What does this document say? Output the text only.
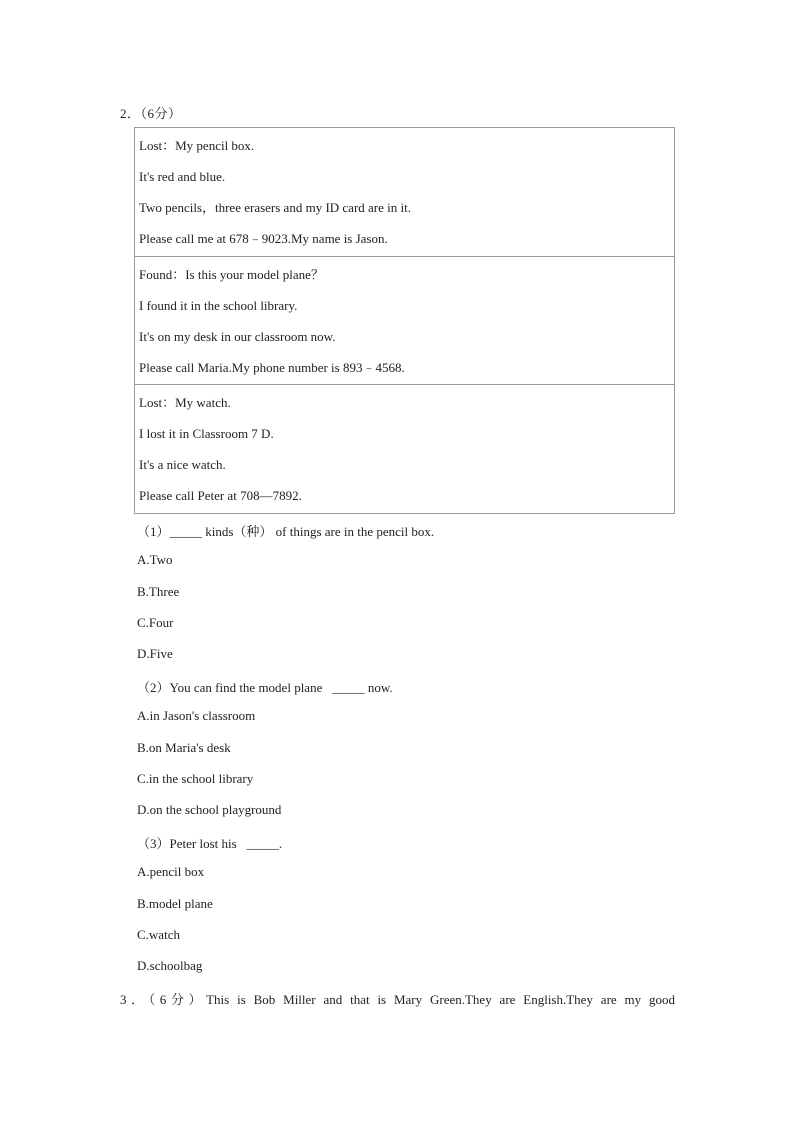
2．（6分）
Lost：My pencil box.
It's red and blue.
Two pencils，three erasers and my ID card are in it.
Please call me at 678﹣9023.My name is Jason.
Found：Is this your model plane？
I found it in the school library.
It's on my desk in our classroom now.
Please call Maria.My phone number is 893﹣4568.
Lost：My watch.
I lost it in Classroom 7 D.
It's a nice watch.
Please call Peter at 708—7892.
（1）_____ kinds（种） of things are in the pencil box.
A.Two
B.Three
C.Four
D.Five
（2）You can find the model plane   _____ now.
A.in Jason's classroom
B.on Maria's desk
C.in the school library
D.on the school playground
（3）Peter lost his   _____.
A.pencil box
B.model plane
C.watch
D.schoolbag
3．（6分）This is Bob Miller and that is Mary Green.They are English.They are my good
